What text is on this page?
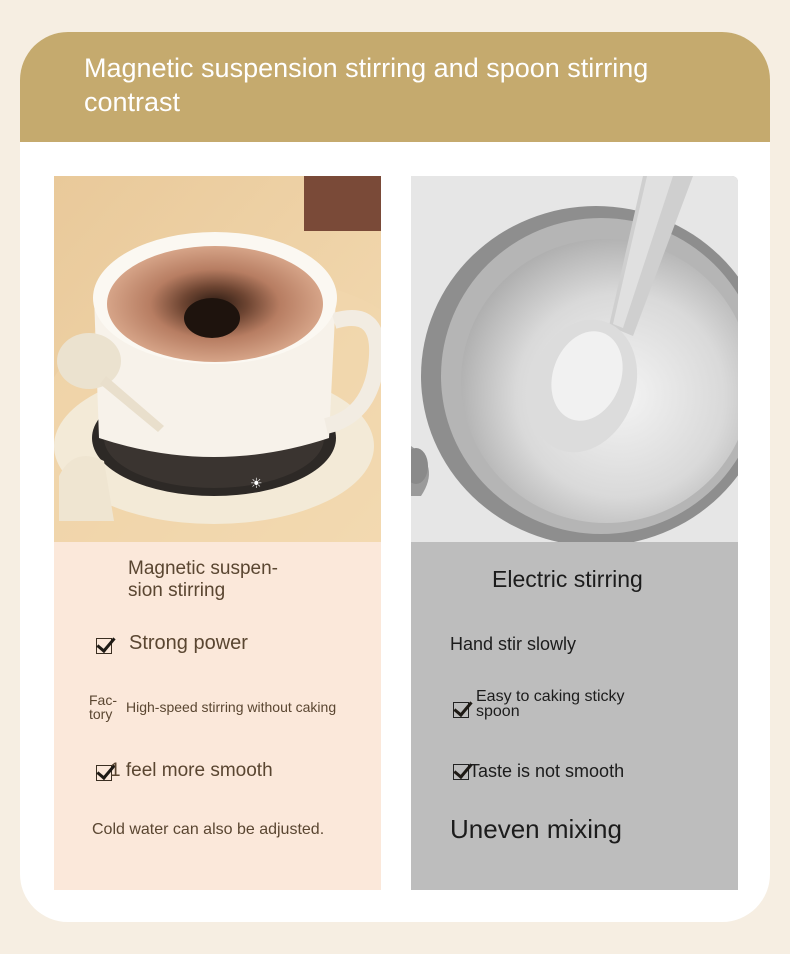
Magnetic suspension stirring and spoon stirring contrast
☀
Magnetic suspen-
sion stirring
Strong power
Fac-
tory High-speed stirring without caking
1 feel more smooth
Cold water can also be adjusted.
Electric stirring
Hand stir slowly
Easy to caking sticky
spoon
Taste is not smooth
Uneven mixing
